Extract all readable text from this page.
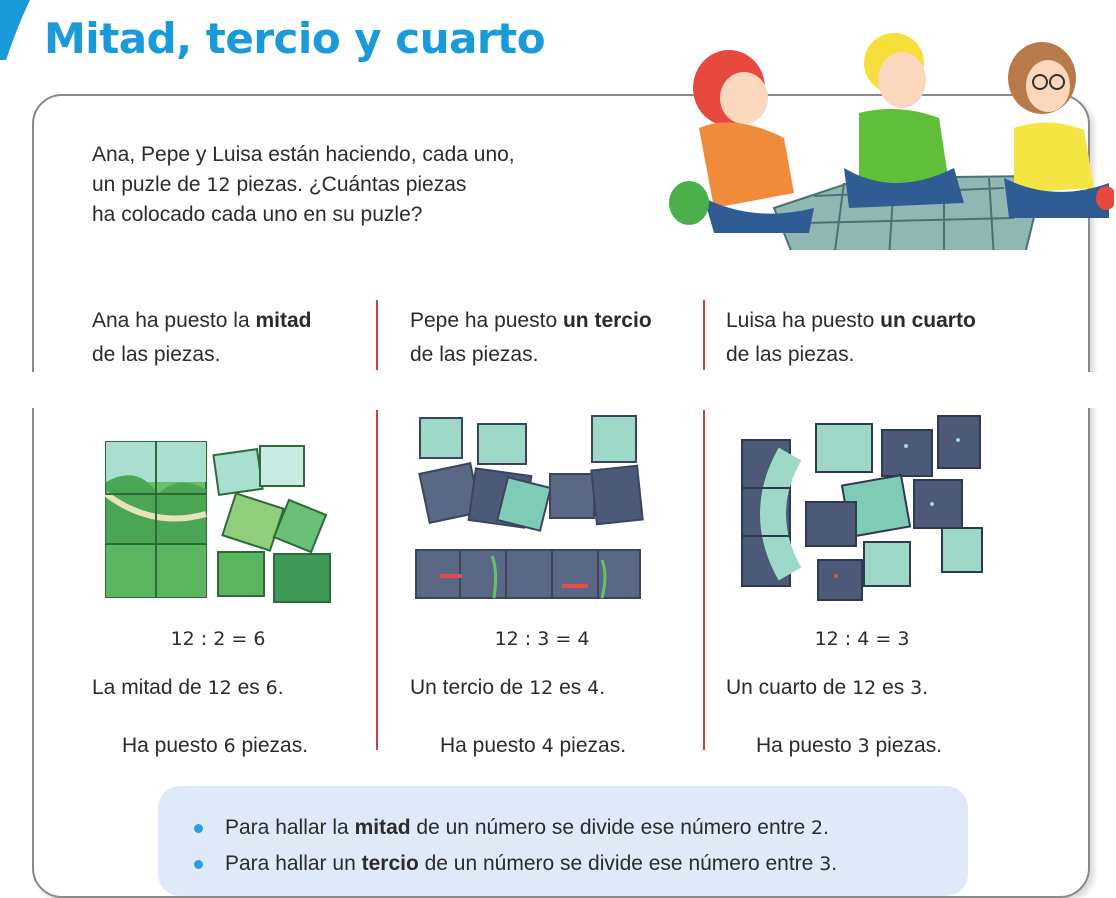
Mitad, tercio y cuarto

Ana, Pepe y Luisa están haciendo, cada uno,
un puzle de 12 piezas. ¿Cuántas piezas
ha colocado cada uno en su puzle?

Ana ha puesto la mitad
de las piezas.
Pepe ha puesto un tercio
de las piezas.
Luisa ha puesto un cuarto
de las piezas.
12 : 2 = 6	12 : 3 = 4	12 : 4 = 3
La mitad de 12 es 6.	Un tercio de 12 es 4.	Un cuarto de 12 es 3.
Ha puesto 6 piezas.	Ha puesto 4 piezas.	Ha puesto 3 piezas.
Para hallar la mitad de un número se divide ese número entre 2.
Para hallar un tercio de un número se divide ese número entre 3.
